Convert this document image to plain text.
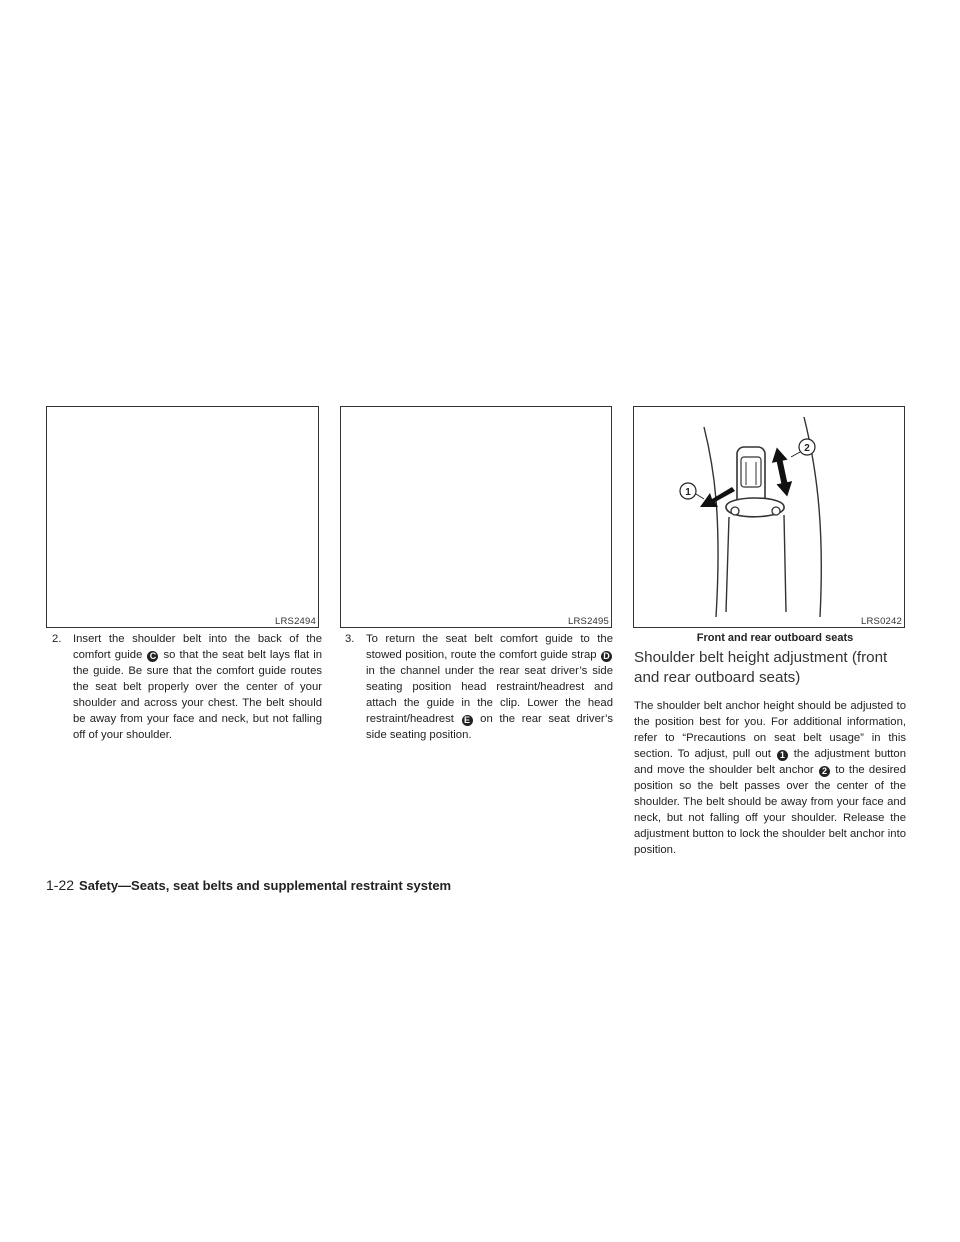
LRS2494	LRS2495
1
2
LRS0242
2. Insert the shoulder belt into the back of the comfort guide C so that the seat belt lays flat in the guide. Be sure that the comfort guide routes the seat belt properly over the center of your shoulder and across your chest. The belt should be away from your face and neck, but not falling off of your shoulder.
3. To return the seat belt comfort guide to the stowed position, route the comfort guide strap D in the channel under the rear seat driver’s side seating position head restraint/headrest and attach the guide in the clip. Lower the head restraint/headrest E on the rear seat driver’s side seating position.
Front and rear outboard seats
Shoulder belt height adjustment (front and rear outboard seats)
The shoulder belt anchor height should be adjusted to the position best for you. For additional information, refer to “Precautions on seat belt usage” in this section. To adjust, pull out 1 the adjustment button and move the shoulder belt anchor 2 to the desired position so the belt passes over the center of the shoulder. The belt should be away from your face and neck, but not falling off your shoulder. Release the adjustment button to lock the shoulder belt anchor into position.
1-22 Safety—Seats, seat belts and supplemental restraint system
